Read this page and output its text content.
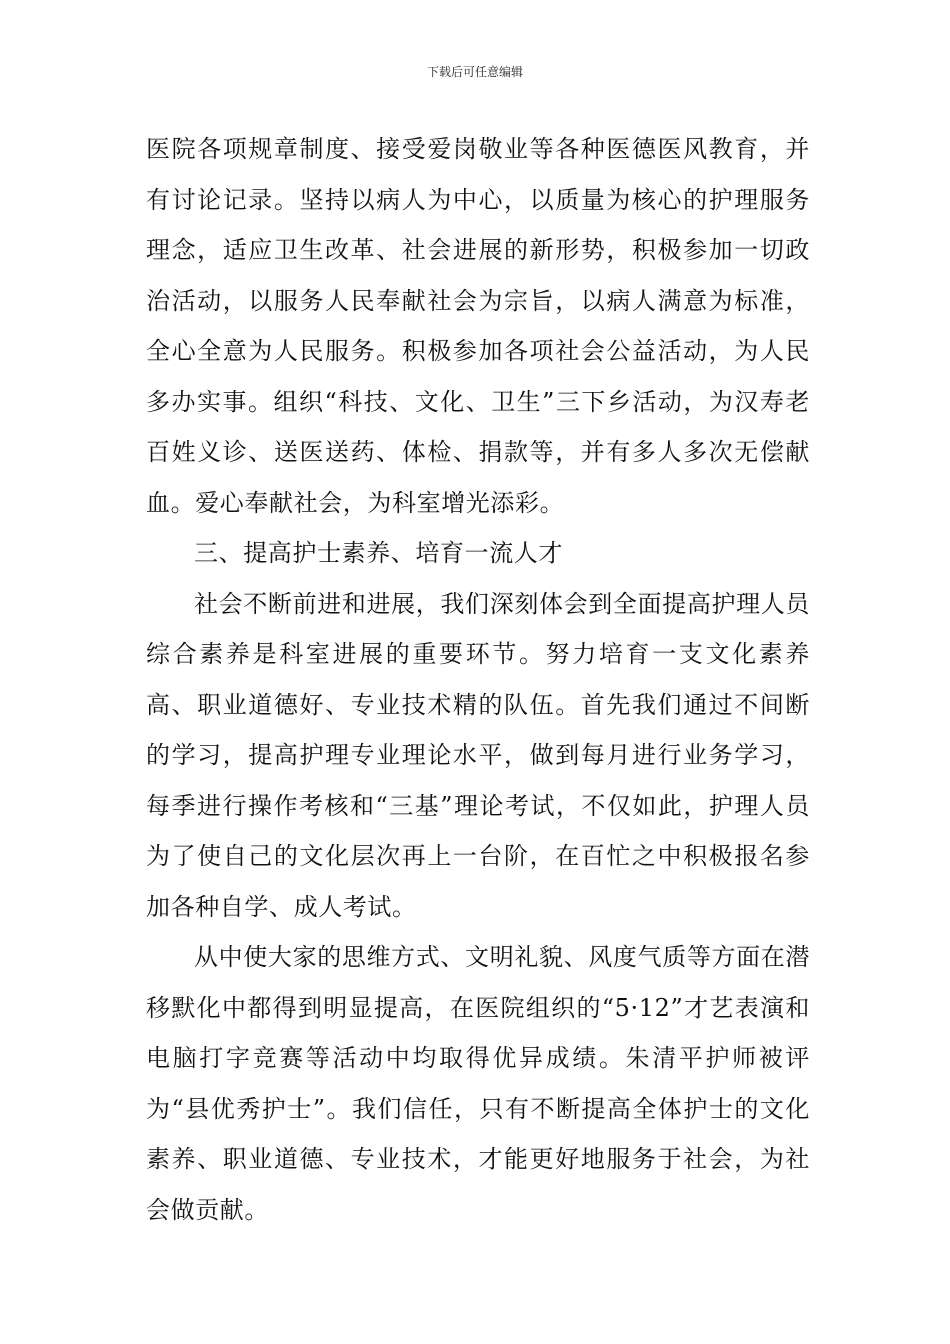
下载后可任意编辑

医院各项规章制度、接受爱岗敬业等各种医德医风教育，并有讨论记录。坚持以病人为中心，以质量为核心的护理服务理念，适应卫生改革、社会进展的新形势，积极参加一切政治活动，以服务人民奉献社会为宗旨，以病人满意为标准，全心全意为人民服务。积极参加各项社会公益活动，为人民多办实事。组织“科技、文化、卫生”三下乡活动，为汉寿老百姓义诊、送医送药、体检、捐款等，并有多人多次无偿献血。爱心奉献社会，为科室增光添彩。

三、提高护士素养、培育一流人才

社会不断前进和进展，我们深刻体会到全面提高护理人员综合素养是科室进展的重要环节。努力培育一支文化素养高、职业道德好、专业技术精的队伍。首先我们通过不间断的学习，提高护理专业理论水平，做到每月进行业务学习，每季进行操作考核和“三基”理论考试，不仅如此，护理人员为了使自己的文化层次再上一台阶，在百忙之中积极报名参加各种自学、成人考试。

从中使大家的思维方式、文明礼貌、风度气质等方面在潜移默化中都得到明显提高，在医院组织的“5·12”才艺表演和电脑打字竞赛等活动中均取得优异成绩。朱清平护师被评为“县优秀护士”。我们信任，只有不断提高全体护士的文化素养、职业道德、专业技术，才能更好地服务于社会，为社会做贡献。
